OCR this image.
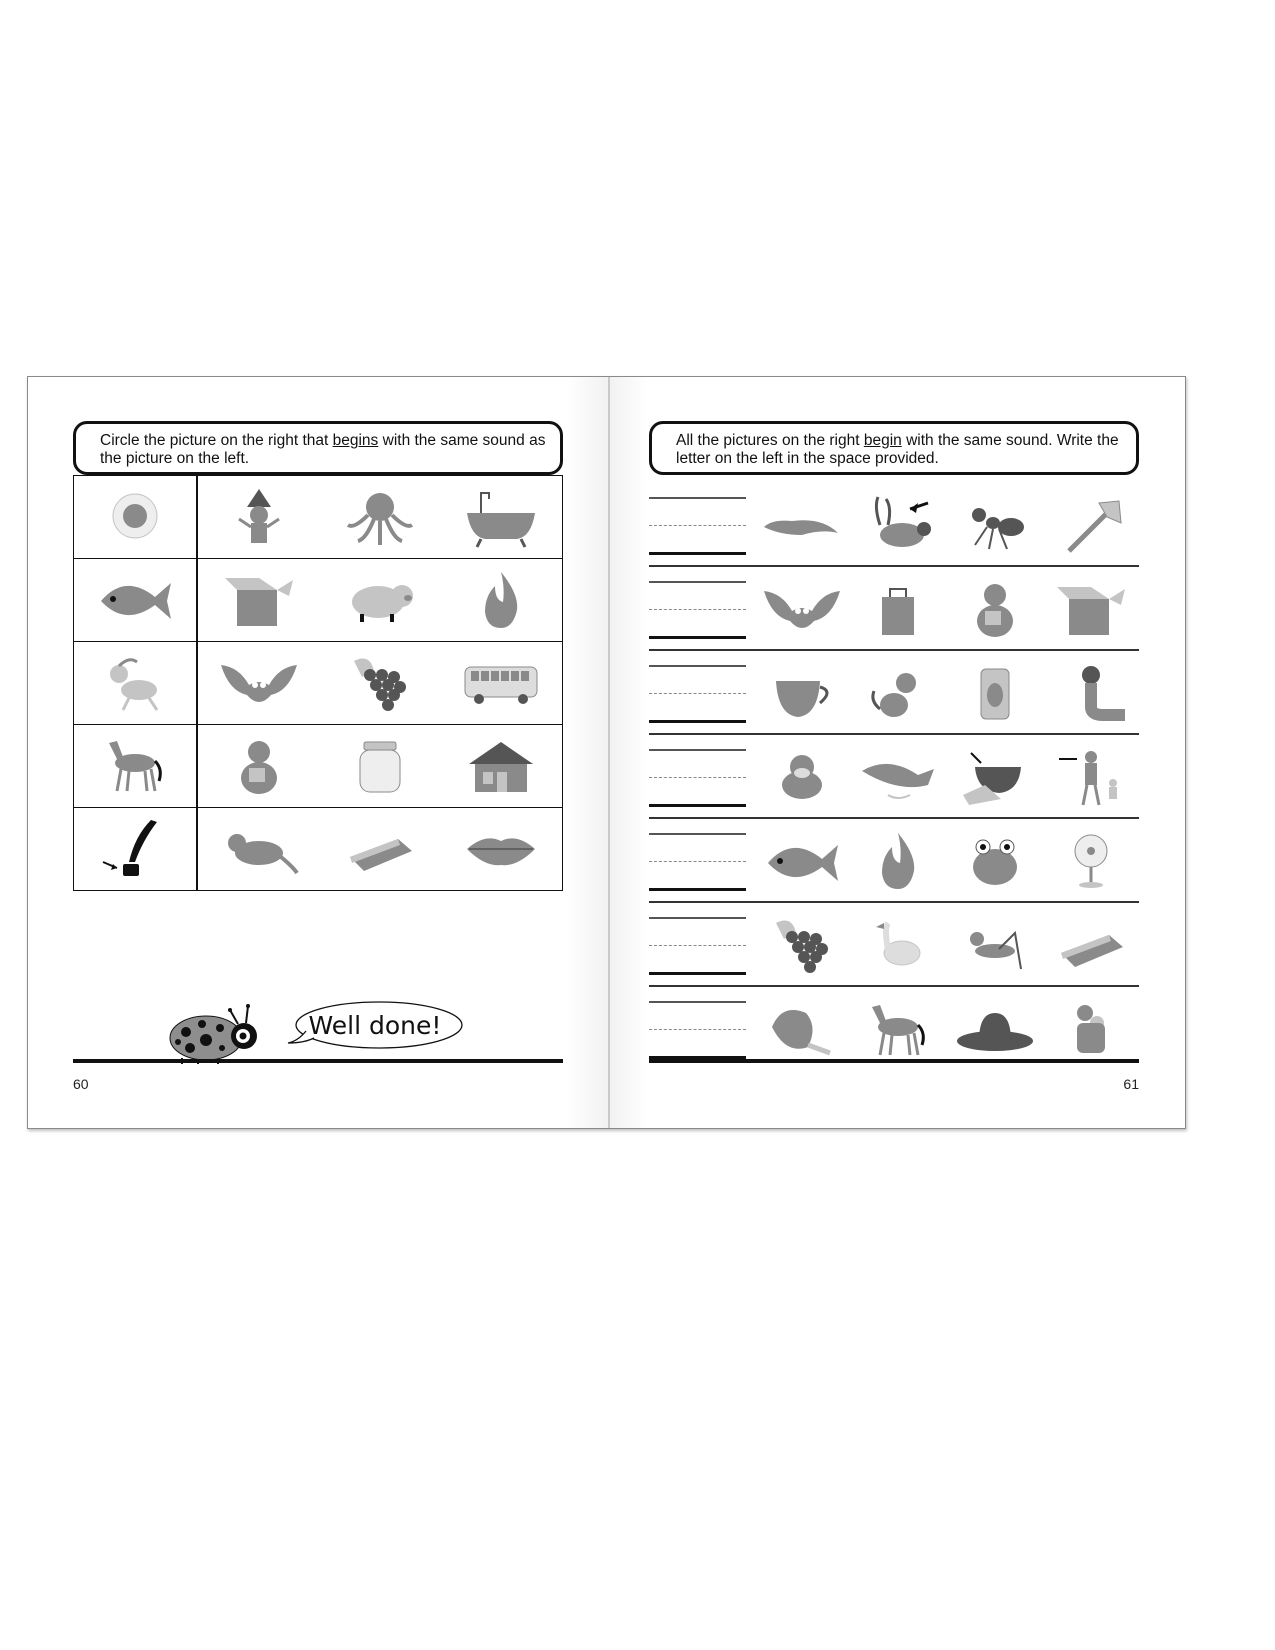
Circle the picture on the right that begins with the same sound as the picture on the left.

Well done!
60
All the pictures on the right begin with the same sound. Write the letter on the left in the space provided.
61
